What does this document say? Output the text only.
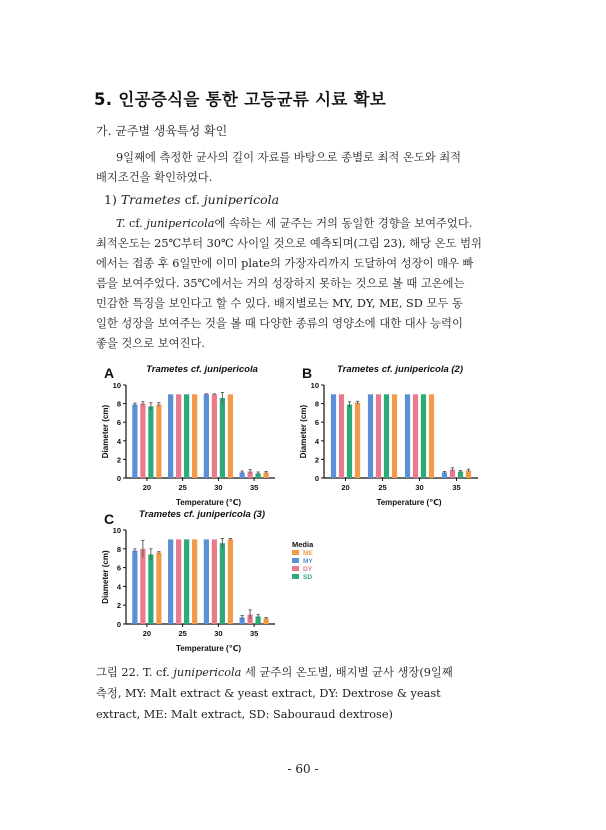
5. 인공증식을 통한 고등균류 시료 확보
가. 균주별 생육특성 확인
9일째에 측정한 균사의 길이 자료를 바탕으로 종별로 최적 온도와 최적
배지조건을 확인하였다.
1) Trametes cf. junipericola
T. cf. junipericola에 속하는 세 균주는 거의 동일한 경향을 보여주었다.
최적온도는 25℃부터 30℃ 사이일 것으로 예측되며(그림 23), 해당 온도 범위
에서는 접종 후 6일만에 이미 plate의 가장자리까지 도달하여 성장이 매우 빠
름을 보여주었다. 35℃에서는 거의 성장하지 못하는 것으로 볼 때 고온에는
민감한 특징을 보인다고 할 수 있다. 배지별로는 MY, DY, ME, SD 모두 동
일한 성장을 보여주는 것을 볼 때 다양한 종류의 영양소에 대한 대사 능력이
좋을 것으로 보여진다.
A	Trametes cf. junipericola
0
2
4
6
8
10
Diameter (cm)
20	25	30	35
Temperature (℃)
B	Trametes cf. junipericola (2)
0
2
4
6
8
10
Diameter (cm)
20	25	30	35
Temperature (℃)
C	Trametes cf. junipericola (3)
0
2
4
6
8
10
Diameter (cm)
20	25	30	35
Temperature (℃)
Media
ME
MY
DY
SD
그림 22. T. cf. junipericola 세 균주의 온도별, 배지별 균사 생장(9일째
측정, MY: Malt extract & yeast extract, DY: Dextrose & yeast
extract, ME: Malt extract, SD: Sabouraud dextrose)
- 60 -
